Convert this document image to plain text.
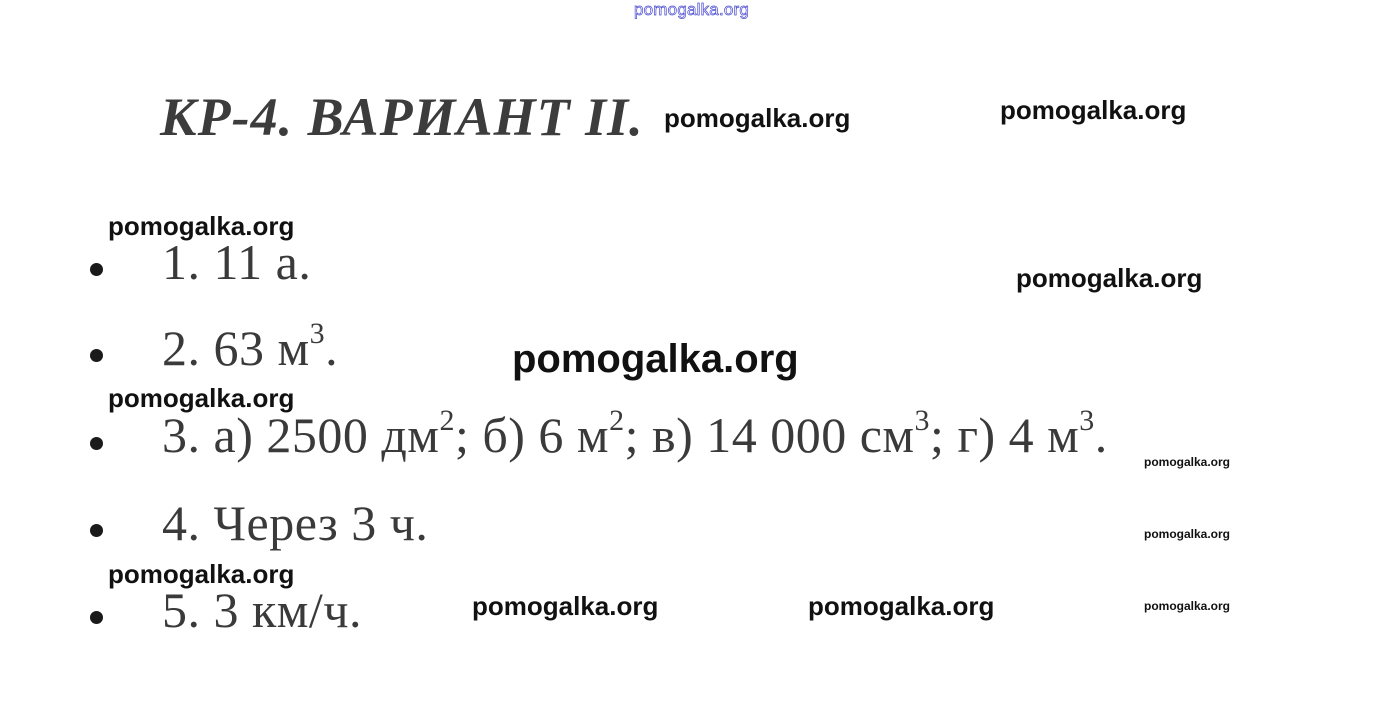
pomogalka.org
КР-4. ВАРИАНТ II. pomogalka.org	pomogalka.org
pomogalka.org
pomogalka.org
pomogalka.org
pomogalka.org
pomogalka.org
pomogalka.org
pomogalka.org
pomogalka.org	pomogalka.org	pomogalka.org
1. 11 а.
2. 63 $м^3$.
3. а) 2500 $дм^2$; б) 6 $м^2$; в) 14 000 $см^3$; г) 4 $м^3$.
4. Через 3 ч.
5. 3 км/ч.
